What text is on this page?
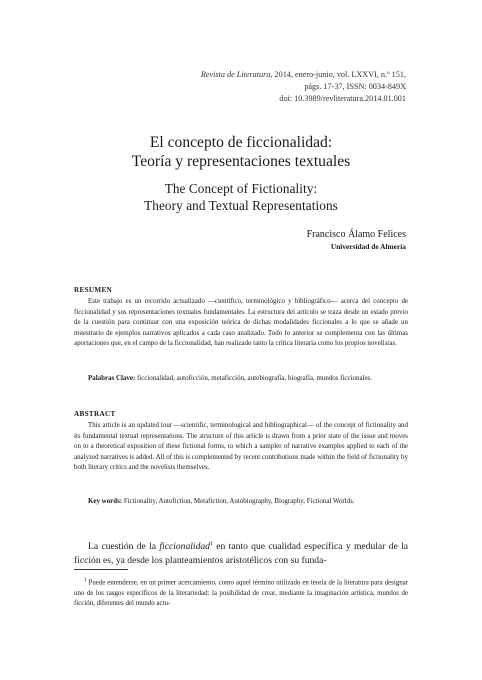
Revista de Literatura, 2014, enero-junio, vol. LXXVI, n.º 151,
págs. 17-37, ISSN: 0034-849X
doi: 10.3989/revliteratura.2014.01.001
El concepto de ficcionalidad:
Teoría y representaciones textuales
The Concept of Fictionality:
Theory and Textual Representations
Francisco Álamo Felices
Universidad de Almería
RESUMEN

Este trabajo es un recorrido actualizado —científico, terminológico y bibliográfico— acerca del concepto de ficcionalidad y sus representaciones textuales fundamentales. La estructura del artículo se traza desde un estado previo de la cuestión para continuar con una exposición teórica de dichas modalidades ficcionales a lo que se añade un muestrario de ejemplos narrativos aplicados a cada caso analizado. Todo lo anterior se complementa con las últimas aportaciones que, en el campo de la ficcionalidad, han realizado tanto la crítica literaria como los propios novelistas.

Palabras Clave: ficcionalidad, autoficción, metaficción, autobiografía, biografía, mundos ficcionales.

ABSTRACT

This article is an updated tour —scientific, terminological and bibliographical— of the concept of fictionality and its fundamental textual representations. The structure of this article is drawn from a prior state of the issue and moves on to a theoretical exposition of these fictional forms, to which a sampler of narrative examples applied to each of the analyzed narratives is added. All of this is complemented by recent contributions made within the field of fictionality by both literary critics and the novelists themselves.

Key words: Fictionality, Autofiction, Metafiction, Autobiography, Biography, Fictional Worlds.

La cuestión de la ficcionalidad$^1$ en tanto que cualidad específica y medular de la ficción es, ya desde los planteamientos aristotélicos con su funda-

$^1$ Puede entenderse, en un primer acercamiento, como aquel término utilizado en teoría de la literatura para designar uno de los rasgos específicos de la literariedad: la posibilidad de crear, mediante la imaginación artística, mundos de ficción, diferentes del mundo actu-
